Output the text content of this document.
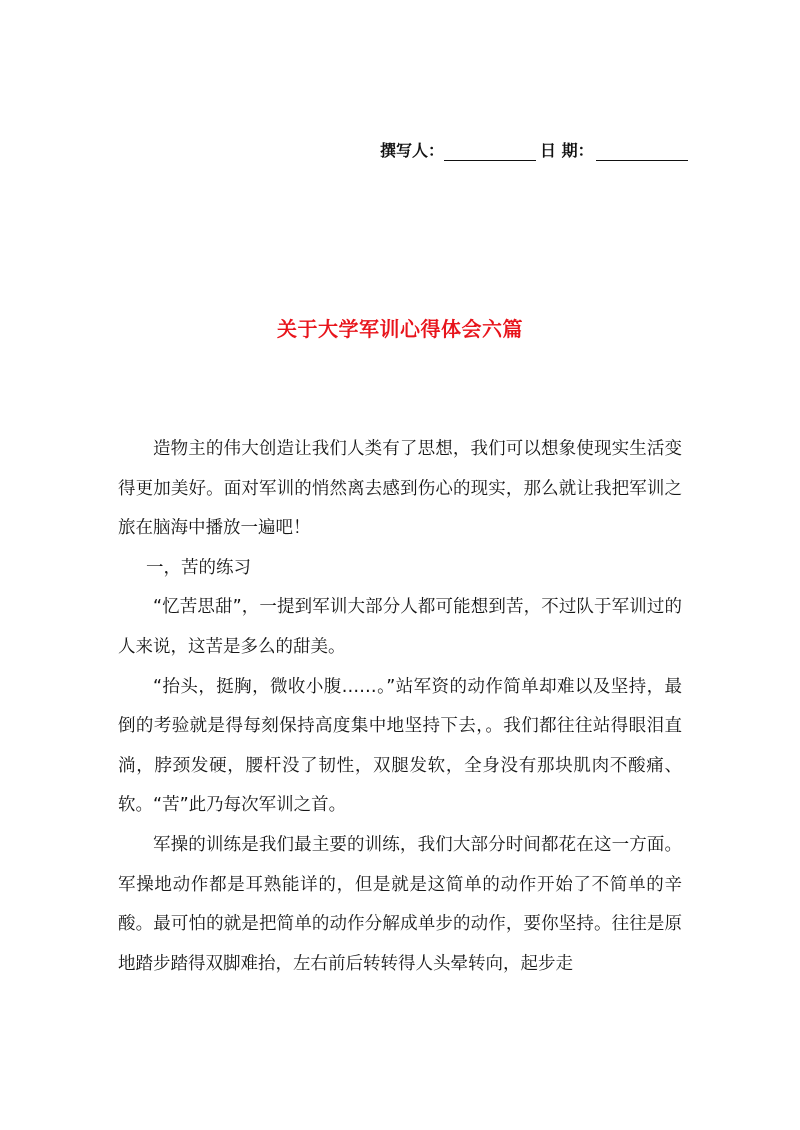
撰写人：	日 期：
关于大学军训心得体会六篇

造物主的伟大创造让我们人类有了思想，我们可以想象使现实生活变得更加美好。面对军训的悄然离去感到伤心的现实，那么就让我把军训之旅在脑海中播放一遍吧！

一，苦的练习

“忆苦思甜”，一提到军训大部分人都可能想到苦，不过队于军训过的人来说，这苦是多么的甜美。

“抬头，挺胸，微收小腹……。”站军资的动作简单却难以及坚持，最倒的考验就是得每刻保持高度集中地坚持下去，。我们都往往站得眼泪直淌，脖颈发硬，腰杆没了韧性，双腿发软，全身没有那块肌肉不酸痛、软。“苦”此乃每次军训之首。

军操的训练是我们最主要的训练，我们大部分时间都花在这一方面。军操地动作都是耳熟能详的，但是就是这简单的动作开始了不简单的辛酸。最可怕的就是把简单的动作分解成单步的动作，要你坚持。往往是原地踏步踏得双脚难抬，左右前后转转得人头晕转向，起步走
